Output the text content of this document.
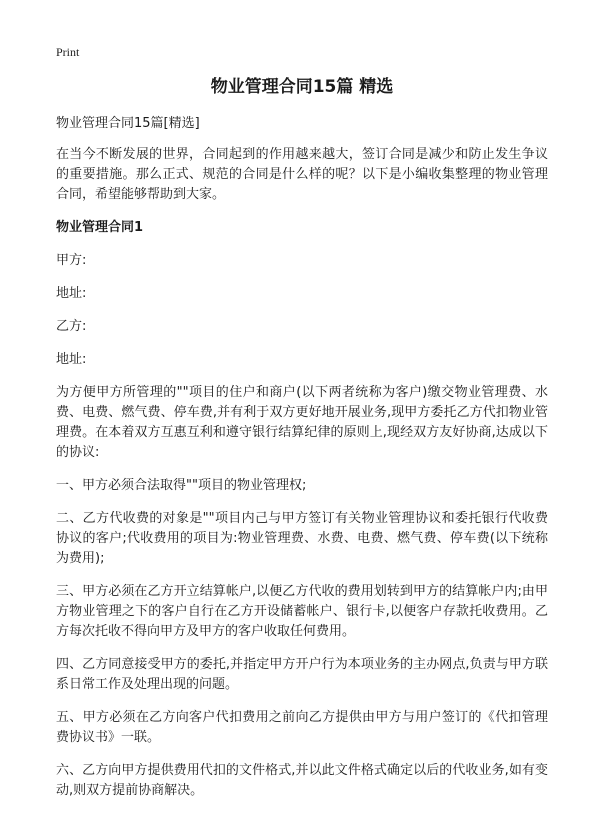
Print
物业管理合同15篇 精选
物业管理合同15篇[精选]

在当今不断发展的世界，合同起到的作用越来越大，签订合同是减少和防止发生争议的重要措施。那么正式、规范的合同是什么样的呢？以下是小编收集整理的物业管理合同，希望能够帮助到大家。

物业管理合同1
甲方:
地址:
乙方:
地址:

为方便甲方所管理的""项目的住户和商户(以下两者统称为客户)缴交物业管理费、水费、电费、燃气费、停车费,并有利于双方更好地开展业务,现甲方委托乙方代扣物业管理费。在本着双方互惠互利和遵守银行结算纪律的原则上,现经双方友好协商,达成以下的协议:

一、甲方必须合法取得""项目的物业管理权;

二、乙方代收费的对象是""项目内己与甲方签订有关物业管理协议和委托银行代收费协议的客户;代收费用的项目为:物业管理费、水费、电费、燃气费、停车费(以下统称为费用);

三、甲方必须在乙方开立结算帐户,以便乙方代收的费用划转到甲方的结算帐户内;由甲方物业管理之下的客户自行在乙方开设储蓄帐户、银行卡,以便客户存款托收费用。乙方每次托收不得向甲方及甲方的客户收取任何费用。

四、乙方同意接受甲方的委托,并指定甲方开户行为本项业务的主办网点,负责与甲方联系日常工作及处理出现的问题。

五、甲方必须在乙方向客户代扣费用之前向乙方提供由甲方与用户签订的《代扣管理费协议书》一联。

六、乙方向甲方提供费用代扣的文件格式,并以此文件格式确定以后的代收业务,如有变动,则双方提前协商解决。
